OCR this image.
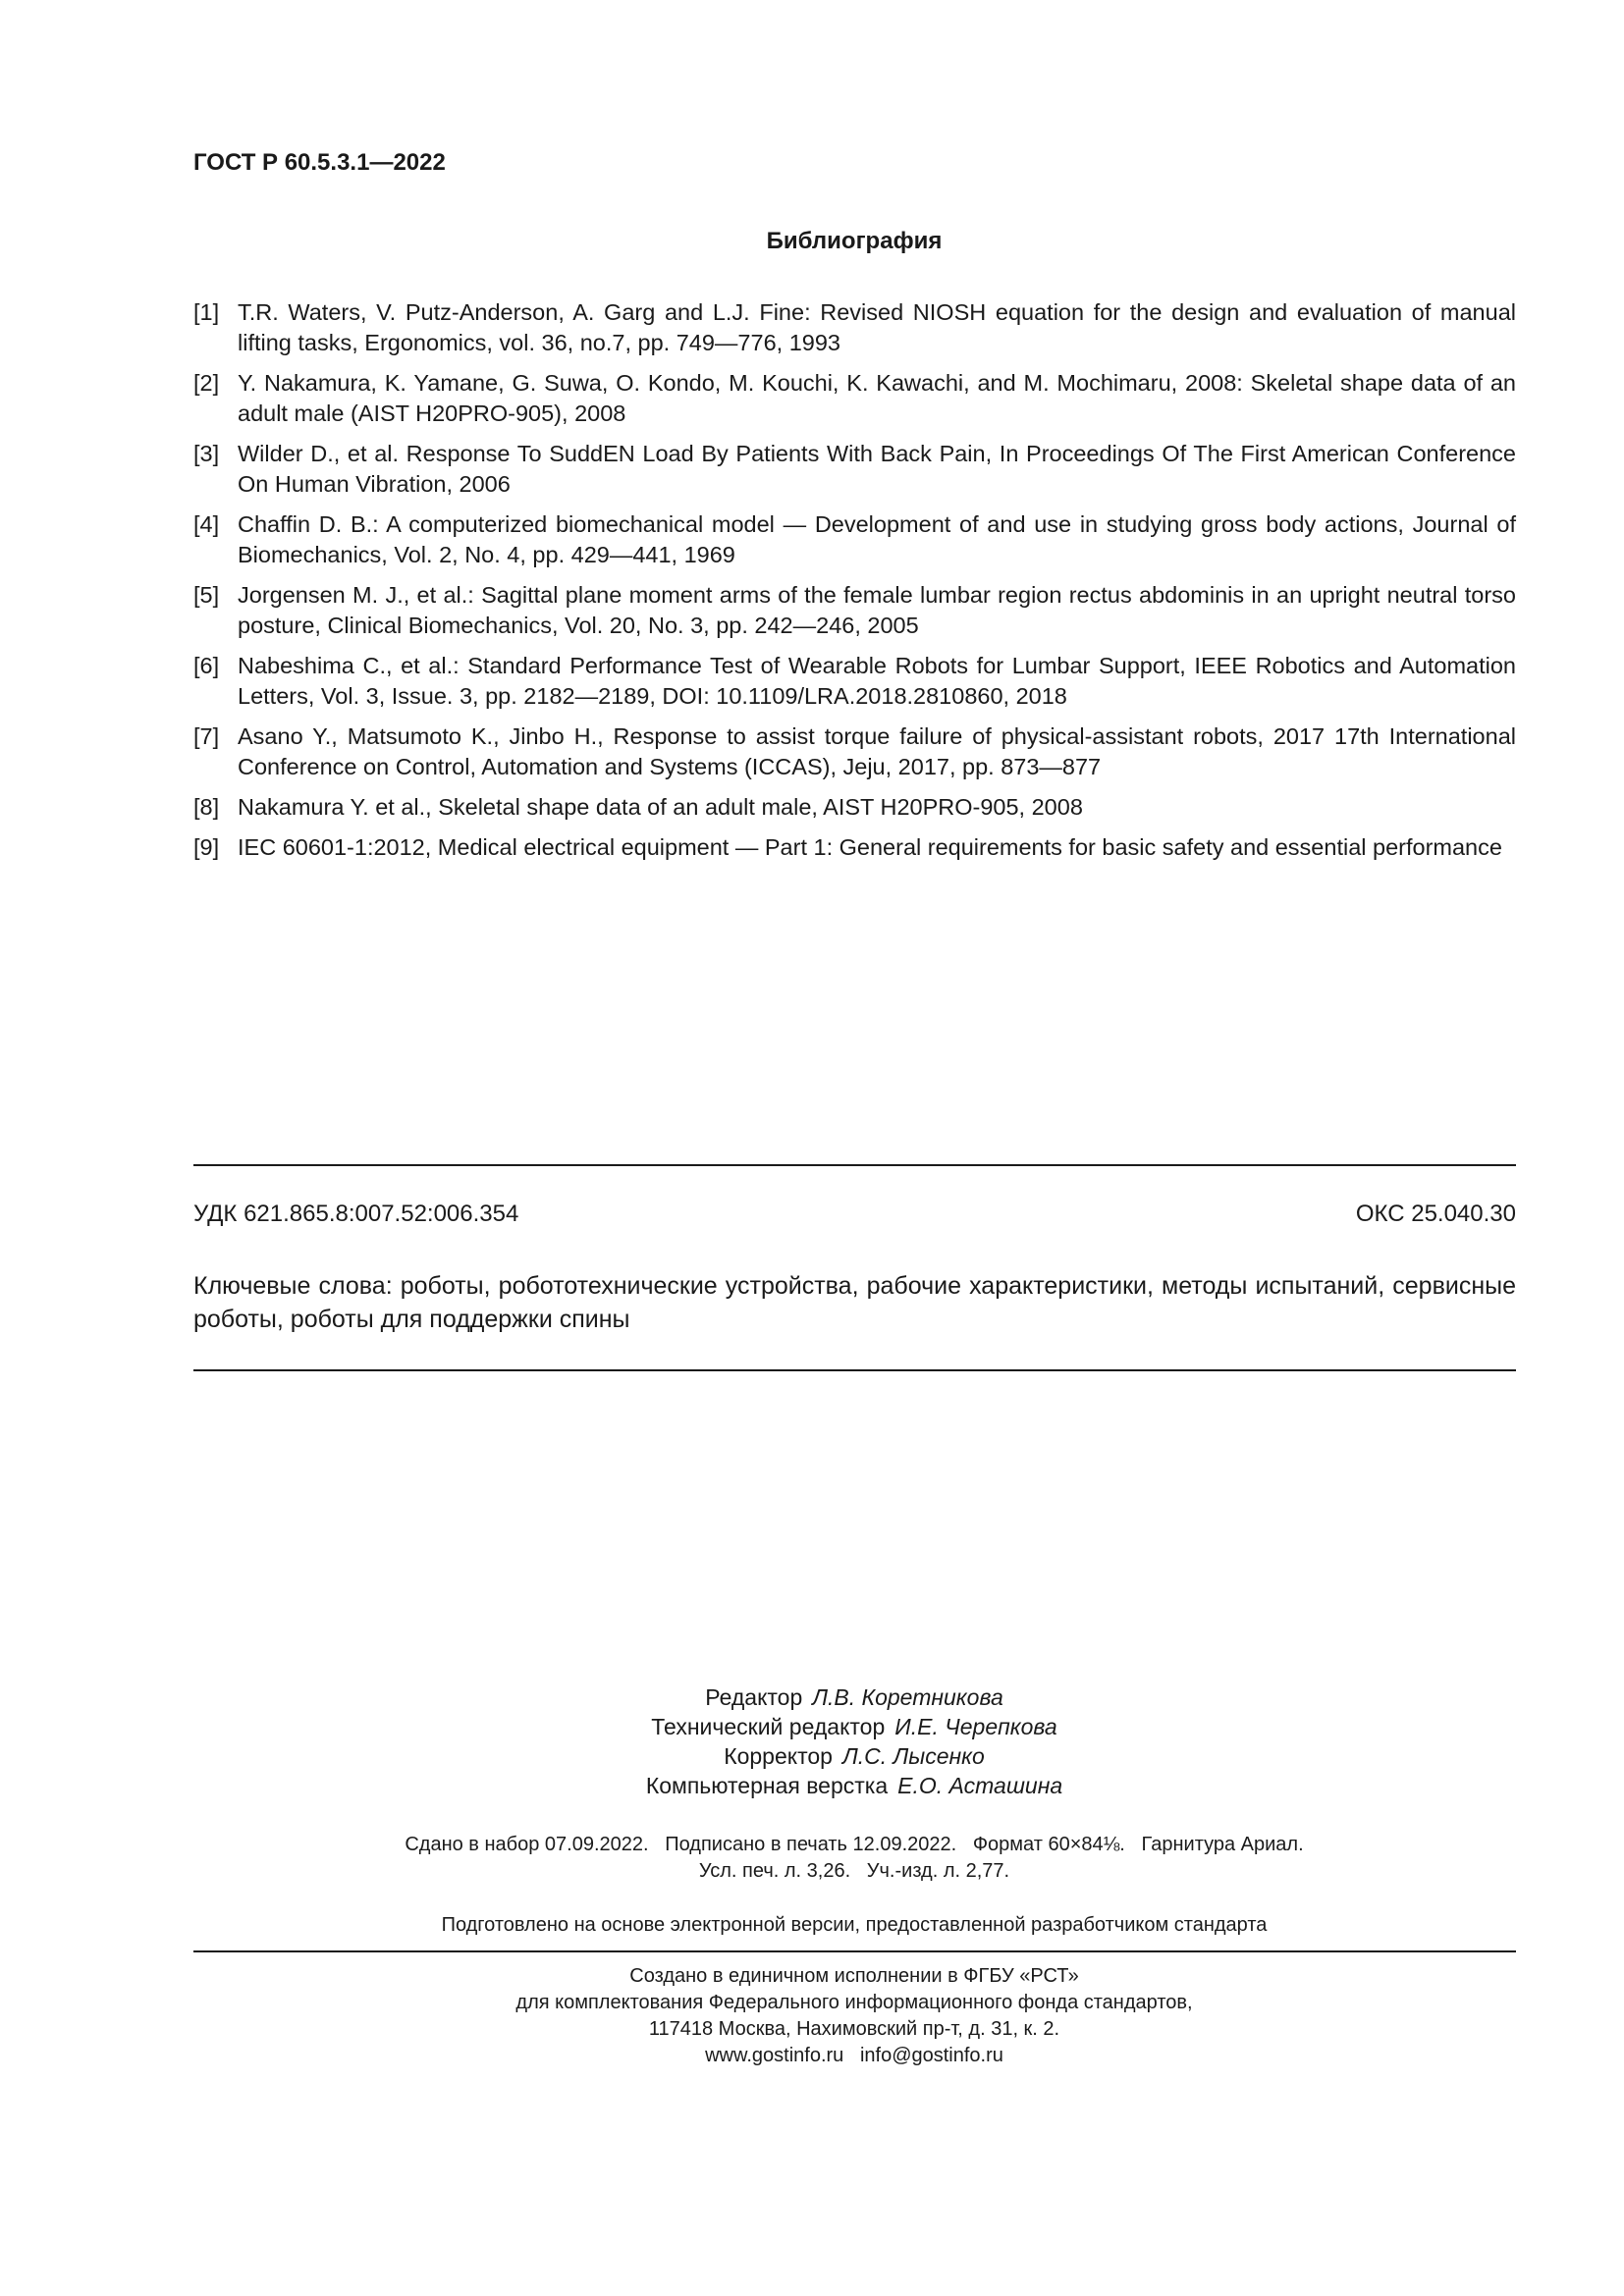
ГОСТ Р 60.5.3.1—2022
Библиография
[1] T.R. Waters, V. Putz-Anderson, A. Garg and L.J. Fine: Revised NIOSH equation for the design and evaluation of manual lifting tasks, Ergonomics, vol. 36, no.7, pp. 749—776, 1993
[2] Y. Nakamura, K. Yamane, G. Suwa, O. Kondo, M. Kouchi, K. Kawachi, and M. Mochimaru, 2008: Skeletal shape data of an adult male (AIST H20PRO-905), 2008
[3] Wilder D., et al. Response To SuddEN Load By Patients With Back Pain, In Proceedings Of The First American Conference On Human Vibration, 2006
[4] Chaffin D. B.: A computerized biomechanical model — Development of and use in studying gross body actions, Journal of Biomechanics, Vol. 2, No. 4, pp. 429—441, 1969
[5] Jorgensen M. J., et al.: Sagittal plane moment arms of the female lumbar region rectus abdominis in an upright neutral torso posture, Clinical Biomechanics, Vol. 20, No. 3, pp. 242—246, 2005
[6] Nabeshima C., et al.: Standard Performance Test of Wearable Robots for Lumbar Support, IEEE Robotics and Automation Letters, Vol. 3, Issue. 3, pp. 2182—2189, DOI: 10.1109/LRA.2018.2810860, 2018
[7] Asano Y., Matsumoto K., Jinbo H., Response to assist torque failure of physical-assistant robots, 2017 17th International Conference on Control, Automation and Systems (ICCAS), Jeju, 2017, pp. 873—877
[8] Nakamura Y. et al., Skeletal shape data of an adult male, AIST H20PRO-905, 2008
[9] IEC 60601-1:2012, Medical electrical equipment — Part 1: General requirements for basic safety and essential performance
УДК 621.865.8:007.52:006.354	ОКС 25.040.30
Ключевые слова: роботы, робототехнические устройства, рабочие характеристики, методы испытаний, сервисные роботы, роботы для поддержки спины
Редактор Л.В. Коретникова
Технический редактор И.Е. Черепкова
Корректор Л.С. Лысенко
Компьютерная верстка Е.О. Асташина
Сдано в набор 07.09.2022.   Подписано в печать 12.09.2022.   Формат 60×84⅛.   Гарнитура Ариал.
Усл. печ. л. 3,26.   Уч.-изд. л. 2,77.
Подготовлено на основе электронной версии, предоставленной разработчиком стандарта
Создано в единичном исполнении в ФГБУ «РСТ»
для комплектования Федерального информационного фонда стандартов,
117418 Москва, Нахимовский пр-т, д. 31, к. 2.
www.gostinfo.ru   info@gostinfo.ru
